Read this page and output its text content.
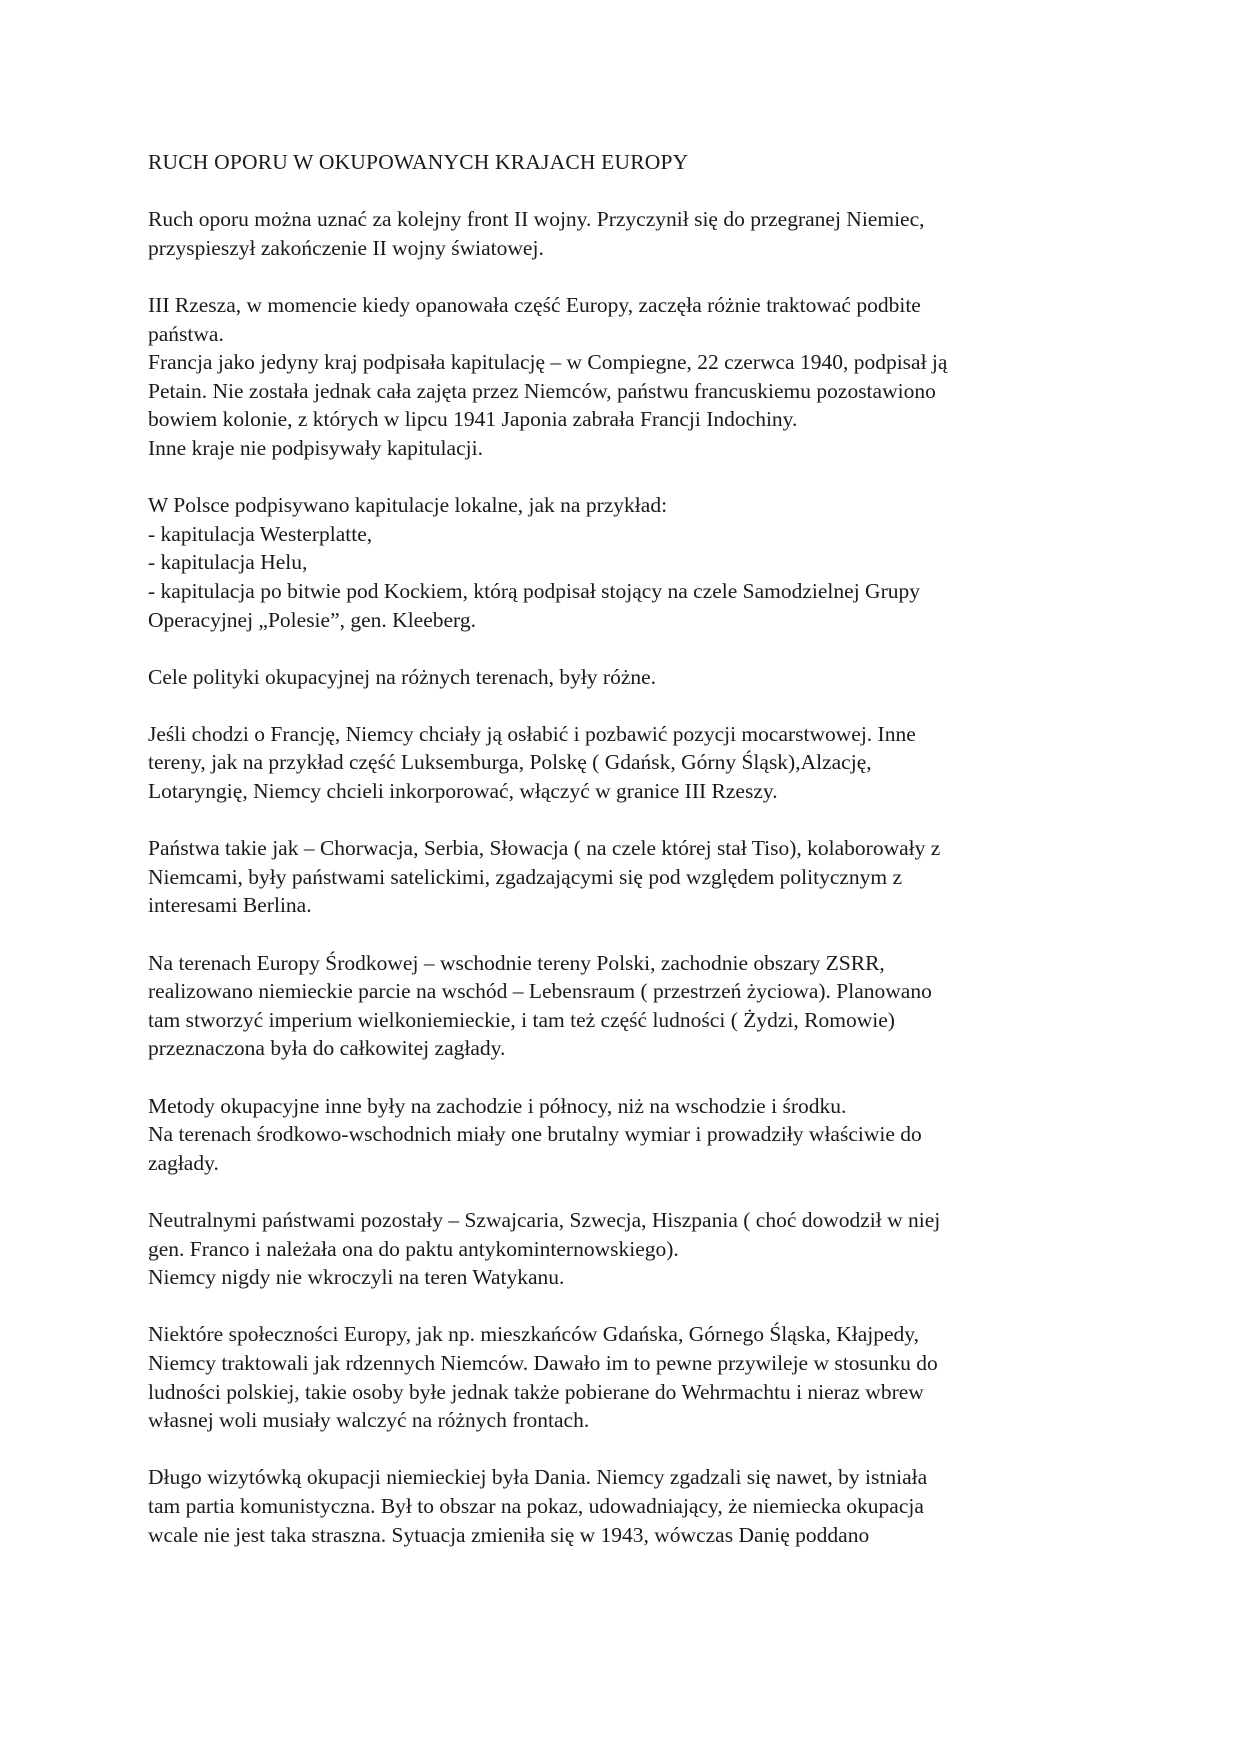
RUCH OPORU W OKUPOWANYCH KRAJACH EUROPY
Ruch oporu można uznać za kolejny front II wojny. Przyczynił się do przegranej Niemiec,
przyspieszył zakończenie II wojny światowej.
III Rzesza, w momencie kiedy opanowała część Europy, zaczęła różnie traktować podbite
państwa.
Francja jako jedyny kraj podpisała kapitulację – w Compiegne, 22 czerwca 1940, podpisał ją
Petain. Nie została jednak cała zajęta przez Niemców, państwu francuskiemu pozostawiono
bowiem kolonie, z których w lipcu 1941 Japonia zabrała Francji Indochiny.
Inne kraje nie podpisywały kapitulacji.
W Polsce podpisywano kapitulacje lokalne, jak na przykład:
- kapitulacja Westerplatte,
- kapitulacja Helu,
- kapitulacja po bitwie pod Kockiem, którą podpisał stojący na czele Samodzielnej Grupy
Operacyjnej „Polesie”, gen. Kleeberg.
Cele polityki okupacyjnej na różnych terenach, były różne.
Jeśli chodzi o Francję, Niemcy chciały ją osłabić i pozbawić pozycji mocarstwowej. Inne
tereny, jak na przykład część Luksemburga, Polskę ( Gdańsk, Górny Śląsk),Alzację,
Lotaryngię, Niemcy chcieli inkorporować, włączyć w granice III Rzeszy.
Państwa takie jak – Chorwacja, Serbia, Słowacja ( na czele której stał Tiso), kolaborowały z
Niemcami, były państwami satelickimi, zgadzającymi się pod względem politycznym z
interesami Berlina.
Na terenach Europy Środkowej – wschodnie tereny Polski, zachodnie obszary ZSRR,
realizowano niemieckie parcie na wschód – Lebensraum ( przestrzeń życiowa). Planowano
tam stworzyć imperium wielkoniemieckie, i tam też część ludności ( Żydzi, Romowie)
przeznaczona była do całkowitej zagłady.
Metody okupacyjne inne były na zachodzie i północy, niż na wschodzie i środku.
Na terenach środkowo-wschodnich miały one brutalny wymiar i prowadziły właściwie do
zagłady.
Neutralnymi państwami pozostały – Szwajcaria, Szwecja, Hiszpania ( choć dowodził w niej
gen. Franco i należała ona do paktu antykominternowskiego).
Niemcy nigdy nie wkroczyli na teren Watykanu.
Niektóre społeczności Europy, jak np. mieszkańców Gdańska, Górnego Śląska, Kłajpedy,
Niemcy traktowali jak rdzennych Niemców. Dawało im to pewne przywileje w stosunku do
ludności polskiej, takie osoby byłe jednak także pobierane do Wehrmachtu i nieraz wbrew
własnej woli musiały walczyć na różnych frontach.
Długo wizytówką okupacji niemieckiej była Dania. Niemcy zgadzali się nawet, by istniała
tam partia komunistyczna. Był to obszar na pokaz, udowadniający, że niemiecka okupacja
wcale nie jest taka straszna. Sytuacja zmieniła się w 1943, wówczas Danię poddano
